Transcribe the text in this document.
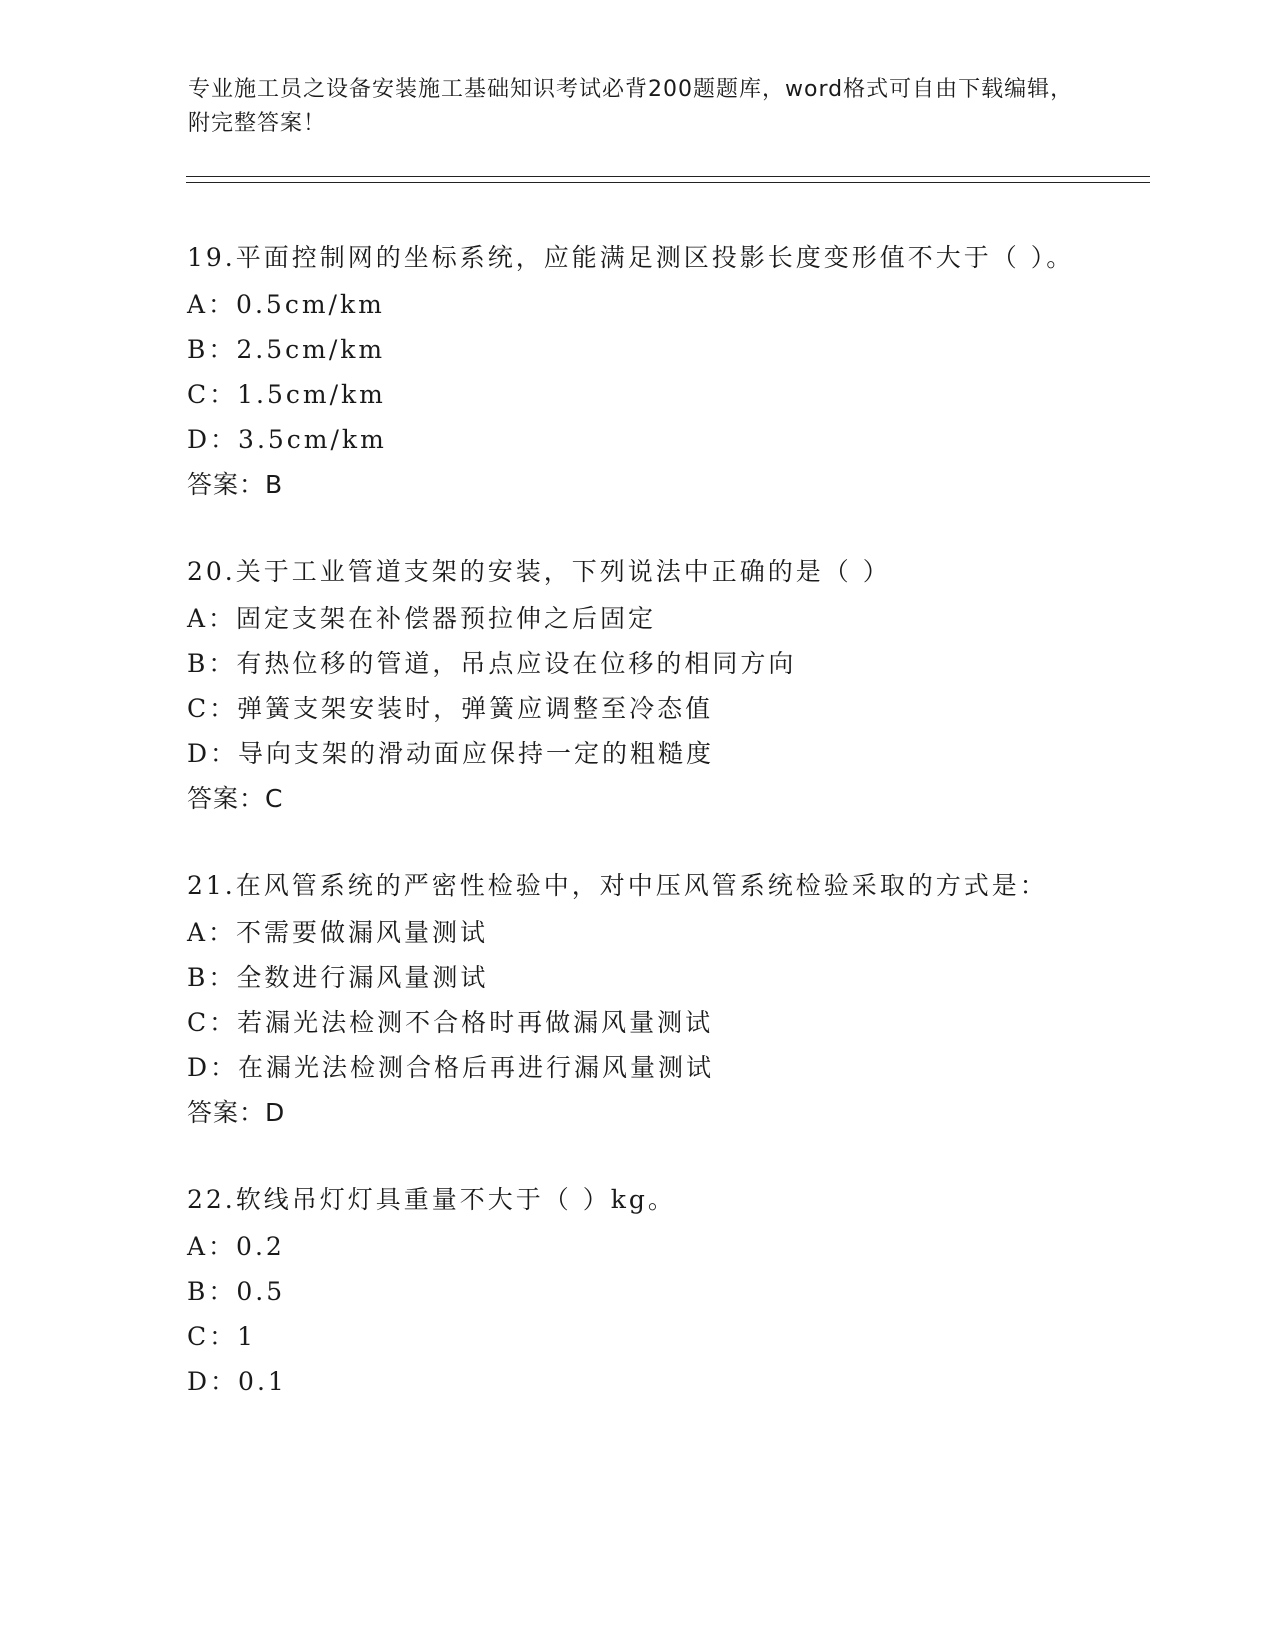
专业施工员之设备安装施工基础知识考试必背200题题库，word格式可自由下载编辑，附完整答案！

19.平面控制网的坐标系统，应能满足测区投影长度变形值不大于（ ）。

A：0.5cm/km

B：2.5cm/km

C：1.5cm/km

D：3.5cm/km

答案：B

20.关于工业管道支架的安装，下列说法中正确的是（ ）

A：固定支架在补偿器预拉伸之后固定

B：有热位移的管道，吊点应设在位移的相同方向

C：弹簧支架安装时，弹簧应调整至冷态值

D：导向支架的滑动面应保持一定的粗糙度

答案：C

21.在风管系统的严密性检验中，对中压风管系统检验采取的方式是：

A：不需要做漏风量测试

B：全数进行漏风量测试

C：若漏光法检测不合格时再做漏风量测试

D：在漏光法检测合格后再进行漏风量测试

答案：D

22.软线吊灯灯具重量不大于（ ）kg。

A：0.2

B：0.5

C：1

D：0.1
